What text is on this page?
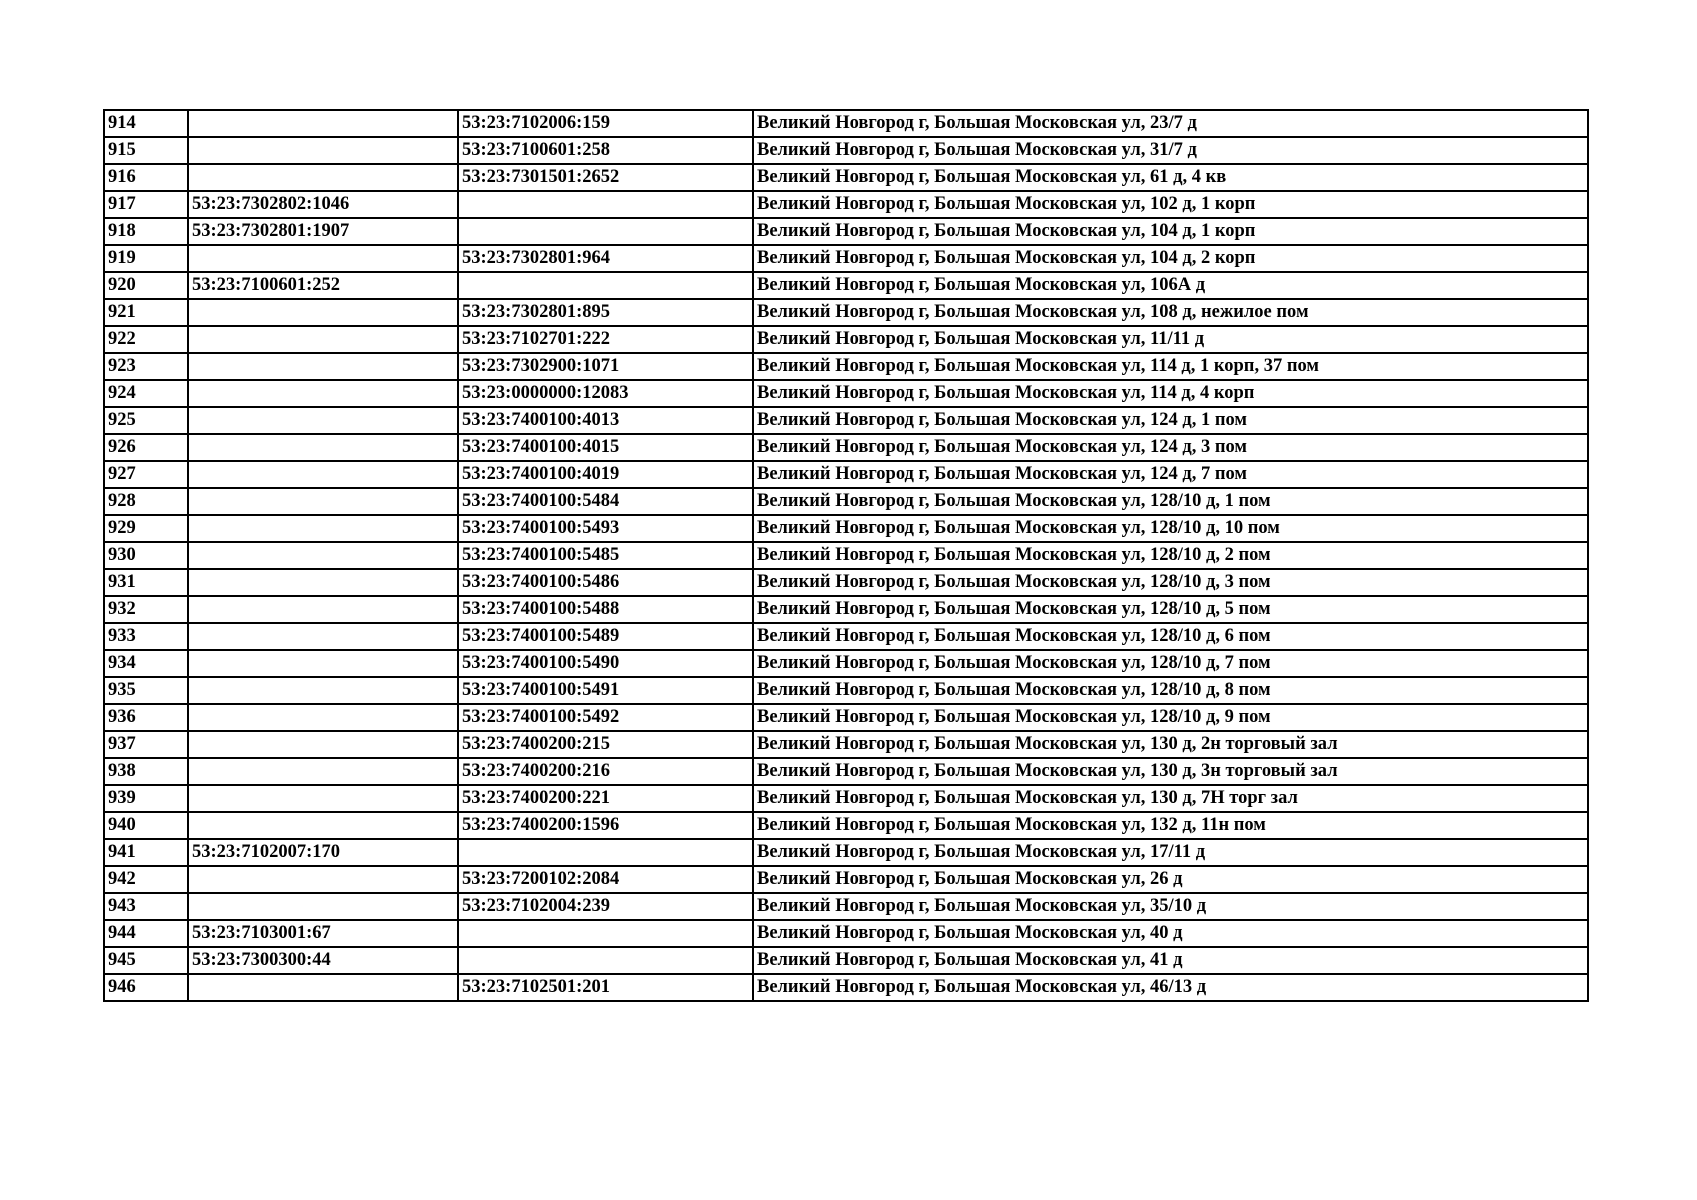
914		53:23:7102006:159	Великий Новгород г, Большая Московская ул, 23/7 д
915		53:23:7100601:258	Великий Новгород г, Большая Московская ул, 31/7 д
916		53:23:7301501:2652	Великий Новгород г, Большая Московская ул, 61 д, 4 кв
917	53:23:7302802:1046		Великий Новгород г, Большая Московская ул, 102 д, 1 корп
918	53:23:7302801:1907		Великий Новгород г, Большая Московская ул, 104 д, 1 корп
919		53:23:7302801:964	Великий Новгород г, Большая Московская ул, 104 д, 2 корп
920	53:23:7100601:252		Великий Новгород г, Большая Московская ул, 106А д
921		53:23:7302801:895	Великий Новгород г, Большая Московская ул, 108 д, нежилое пом
922		53:23:7102701:222	Великий Новгород г, Большая Московская ул, 11/11 д
923		53:23:7302900:1071	Великий Новгород г, Большая Московская ул, 114 д, 1 корп, 37 пом
924		53:23:0000000:12083	Великий Новгород г, Большая Московская ул, 114 д, 4 корп
925		53:23:7400100:4013	Великий Новгород г, Большая Московская ул, 124 д, 1 пом
926		53:23:7400100:4015	Великий Новгород г, Большая Московская ул, 124 д, 3 пом
927		53:23:7400100:4019	Великий Новгород г, Большая Московская ул, 124 д, 7 пом
928		53:23:7400100:5484	Великий Новгород г, Большая Московская ул, 128/10 д, 1 пом
929		53:23:7400100:5493	Великий Новгород г, Большая Московская ул, 128/10 д, 10 пом
930		53:23:7400100:5485	Великий Новгород г, Большая Московская ул, 128/10 д, 2 пом
931		53:23:7400100:5486	Великий Новгород г, Большая Московская ул, 128/10 д, 3 пом
932		53:23:7400100:5488	Великий Новгород г, Большая Московская ул, 128/10 д, 5 пом
933		53:23:7400100:5489	Великий Новгород г, Большая Московская ул, 128/10 д, 6 пом
934		53:23:7400100:5490	Великий Новгород г, Большая Московская ул, 128/10 д, 7 пом
935		53:23:7400100:5491	Великий Новгород г, Большая Московская ул, 128/10 д, 8 пом
936		53:23:7400100:5492	Великий Новгород г, Большая Московская ул, 128/10 д, 9 пом
937		53:23:7400200:215	Великий Новгород г, Большая Московская ул, 130 д, 2н торговый зал
938		53:23:7400200:216	Великий Новгород г, Большая Московская ул, 130 д, 3н торговый зал
939		53:23:7400200:221	Великий Новгород г, Большая Московская ул, 130 д, 7Н торг зал
940		53:23:7400200:1596	Великий Новгород г, Большая Московская ул, 132 д, 11н пом
941	53:23:7102007:170		Великий Новгород г, Большая Московская ул, 17/11 д
942		53:23:7200102:2084	Великий Новгород г, Большая Московская ул, 26 д
943		53:23:7102004:239	Великий Новгород г, Большая Московская ул, 35/10 д
944	53:23:7103001:67		Великий Новгород г, Большая Московская ул, 40 д
945	53:23:7300300:44		Великий Новгород г, Большая Московская ул, 41 д
946		53:23:7102501:201	Великий Новгород г, Большая Московская ул, 46/13 д
